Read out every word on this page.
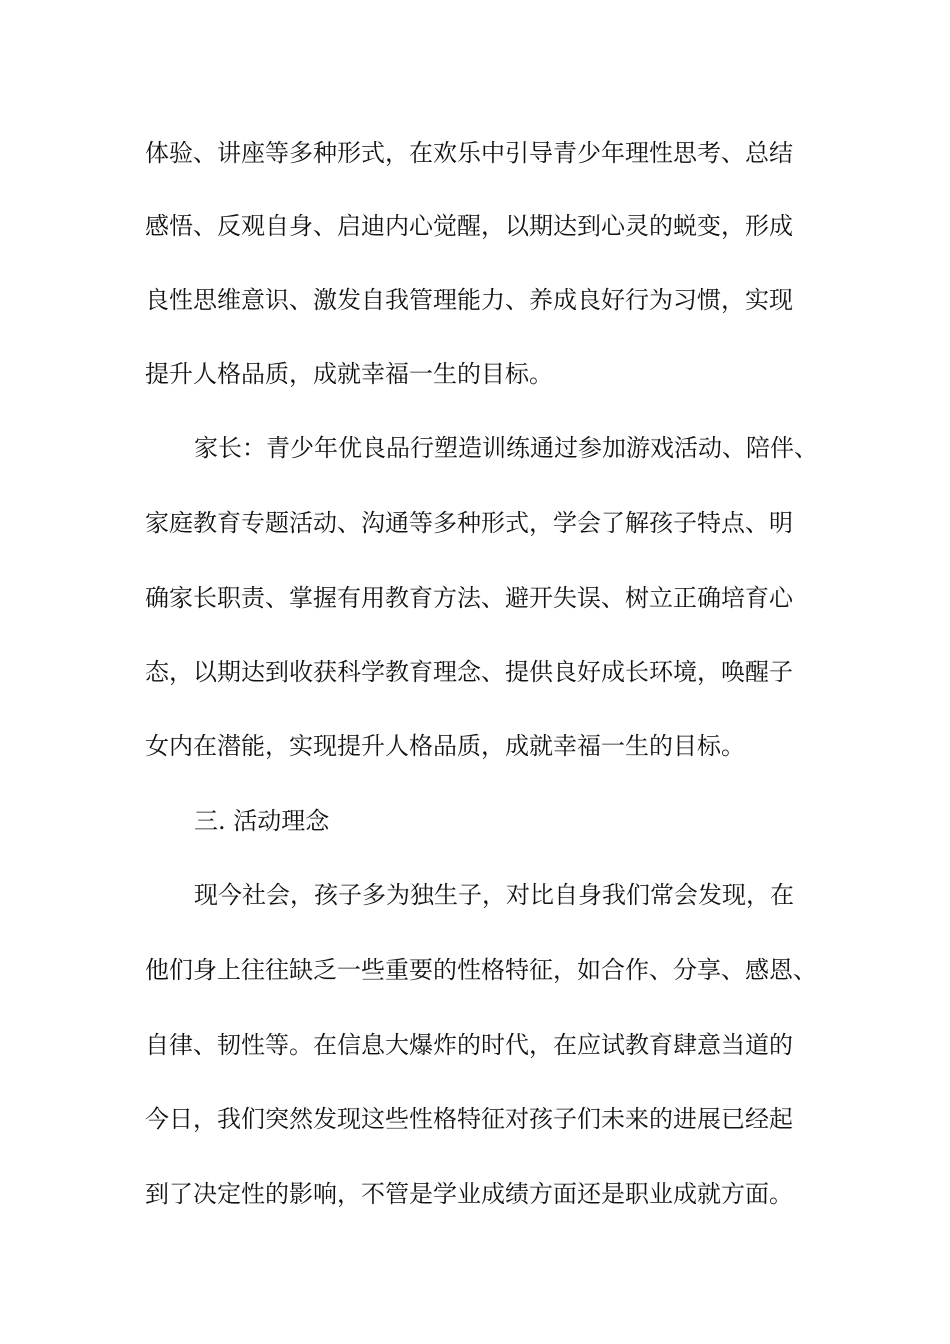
体验、讲座等多种形式，在欢乐中引导青少年理性思考、总结
感悟、反观自身、启迪内心觉醒，以期达到心灵的蜕变，形成
良性思维意识、激发自我管理能力、养成良好行为习惯，实现
提升人格品质，成就幸福一生的目标。
家长：青少年优良品行塑造训练通过参加游戏活动、陪伴、
家庭教育专题活动、沟通等多种形式，学会了解孩子特点、明
确家长职责、掌握有用教育方法、避开失误、树立正确培育心
态，以期达到收获科学教育理念、提供良好成长环境，唤醒子
女内在潜能，实现提升人格品质，成就幸福一生的目标。
三. 活动理念
现今社会，孩子多为独生子，对比自身我们常会发现，在
他们身上往往缺乏一些重要的性格特征，如合作、分享、感恩、
自律、韧性等。在信息大爆炸的时代，在应试教育肆意当道的
今日，我们突然发现这些性格特征对孩子们未来的进展已经起
到了决定性的影响，不管是学业成绩方面还是职业成就方面。
